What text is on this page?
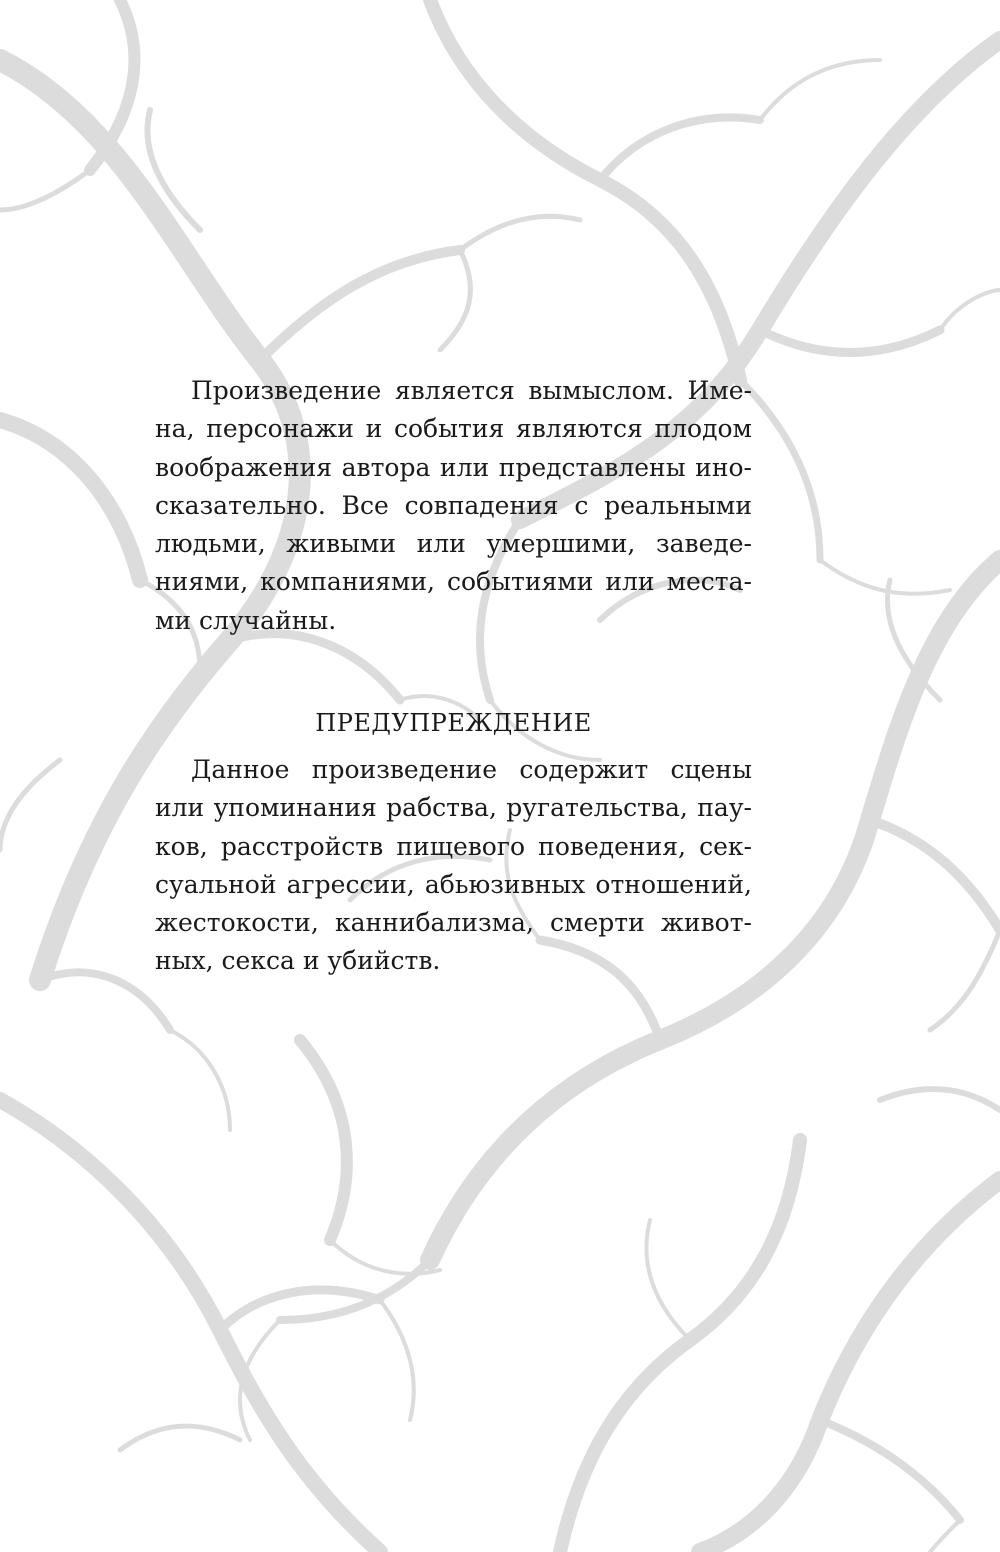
Произведение является вымыслом. Име-
на, персонажи и события являются плодом
воображения автора или представлены ино-
сказательно. Все совпадения с реальными
людьми, живыми или умершими, заведе-
ниями, компаниями, событиями или места-
ми случайны.
ПРЕДУПРЕЖДЕНИЕ
Данное произведение содержит сцены
или упоминания рабства, ругательства, пау-
ков, расстройств пищевого поведения, сек-
суальной агрессии, абьюзивных отношений,
жестокости, каннибализма, смерти живот-
ных, секса и убийств.
